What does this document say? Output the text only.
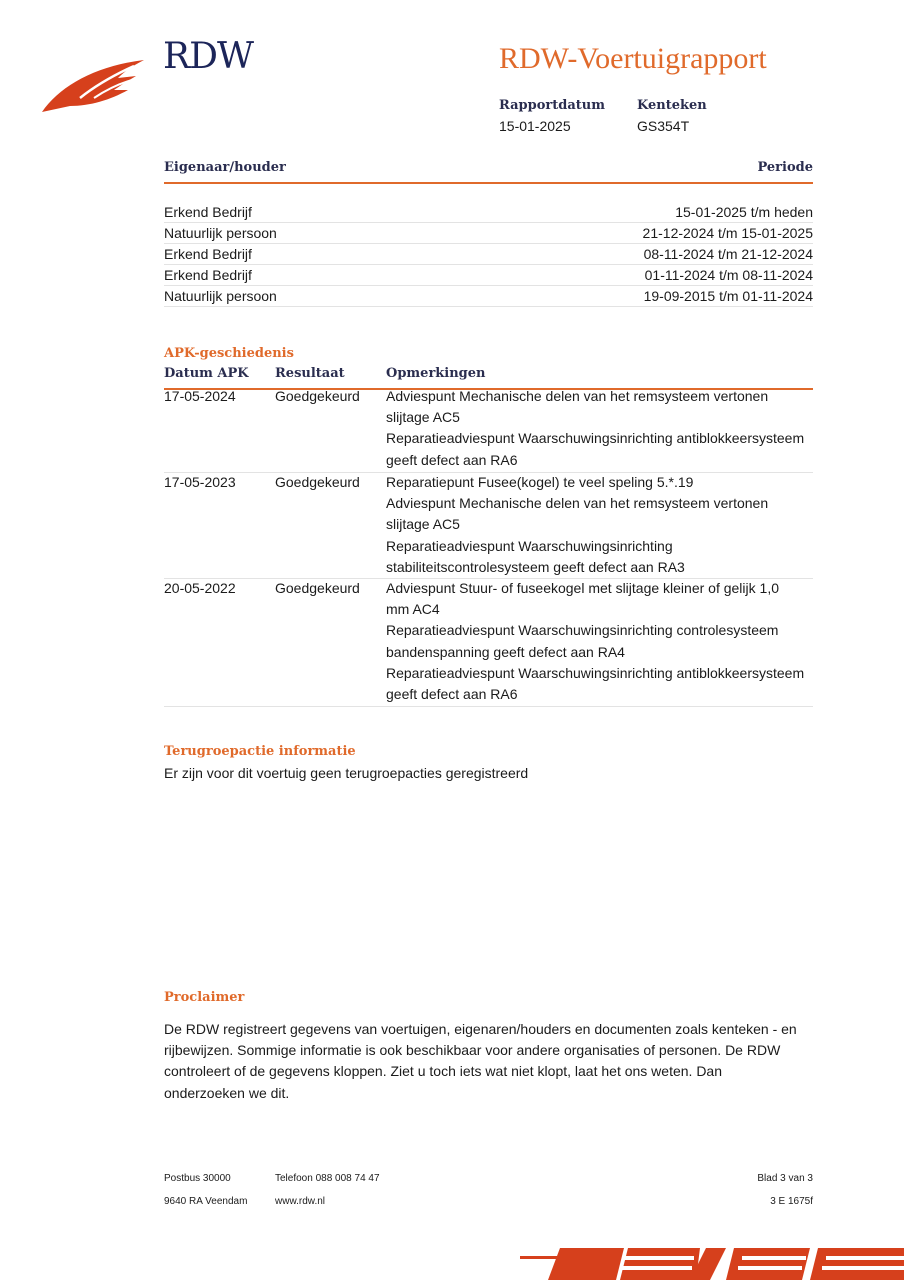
RDW	RDW-Voertuigrapport
Rapportdatum
15-01-2025
Kenteken
GS354T
Eigenaar/houder	Periode
Erkend Bedrijf	15-01-2025 t/m heden
Natuurlijk persoon	21-12-2024 t/m 15-01-2025
Erkend Bedrijf	08-11-2024 t/m 21-12-2024
Erkend Bedrijf	01-11-2024 t/m 08-11-2024
Natuurlijk persoon	19-09-2015 t/m 01-11-2024
APK-geschiedenis
Datum APK Resultaat	Opmerkingen
17-05-2024	Goedgekeurd Adviespunt Mechanische delen van het remsysteem vertonen slijtage AC5
Reparatieadviespunt Waarschuwingsinrichting antiblokkeersysteem geeft defect aan RA6
17-05-2023	Goedgekeurd Reparatiepunt Fusee(kogel) te veel speling 5.*.19
Adviespunt Mechanische delen van het remsysteem vertonen slijtage AC5
Reparatieadviespunt Waarschuwingsinrichting stabiliteitscontrolesysteem geeft defect aan RA3
20-05-2022	Goedgekeurd Adviespunt Stuur- of fuseekogel met slijtage kleiner of gelijk 1,0 mm AC4
Reparatieadviespunt Waarschuwingsinrichting controlesysteem bandenspanning geeft defect aan RA4
Reparatieadviespunt Waarschuwingsinrichting antiblokkeersysteem geeft defect aan RA6
Terugroepactie informatie
Er zijn voor dit voertuig geen terugroepacties geregistreerd
Proclaimer
De RDW registreert gegevens van voertuigen, eigenaren/houders en documenten zoals kenteken - en rijbewijzen. Sommige informatie is ook beschikbaar voor andere organisaties of personen. De RDW controleert of de gegevens kloppen. Ziet u toch iets wat niet klopt, laat het ons weten. Dan onderzoeken we dit.
Postbus 30000
9640 RA Veendam
Telefoon 088 008 74 47
www.rdw.nl
Blad 3 van 3
3 E 1675f
